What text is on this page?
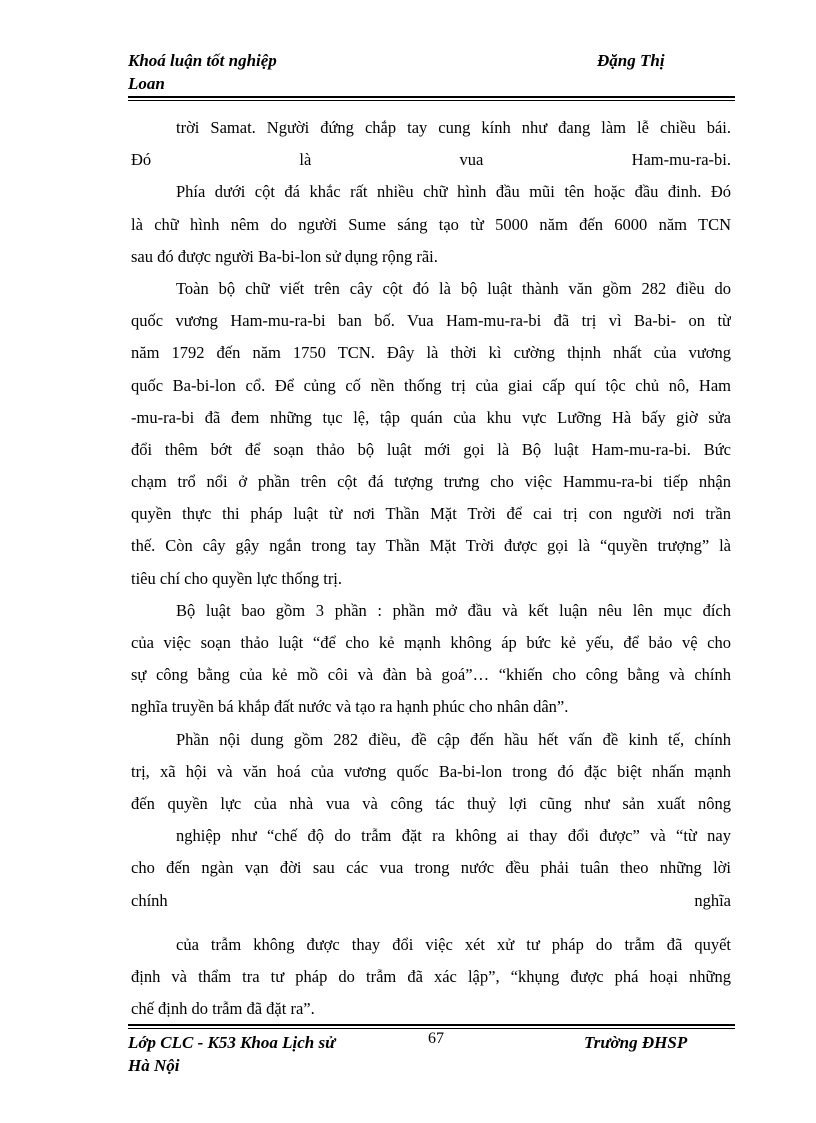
Khoá luận tốt nghiệp	Đặng Thị
Loan
trời Samat. Người đứng chắp tay cung kính như đang làm lễ chiều bái.
Đó là vua Ham-mu-ra-bi.
Phía dưới cột đá khắc rất nhiều chữ hình đầu mũi tên hoặc đầu đinh. Đó
là chữ hình nêm do người Sume sáng tạo từ 5000 năm đến 6000 năm TCN
sau đó được người Ba-bi-lon sử dụng rộng rãi.
Toàn bộ chữ viết trên cây cột đó là bộ luật thành văn gồm 282 điều do
quốc vương Ham-mu-ra-bi ban bố. Vua Ham-mu-ra-bi đã trị vì Ba-bi- on từ
năm 1792 đến năm 1750 TCN. Đây là thời kì cường thịnh nhất của vương
quốc Ba-bi-lon cổ. Để củng cố nền thống trị của giai cấp quí tộc chủ nô, Ham
-mu-ra-bi đã đem những tục lệ, tập quán của khu vực Lưỡng Hà bấy giờ sửa
đổi thêm bớt để soạn thảo bộ luật mới gọi là Bộ luật Ham-mu-ra-bi. Bức
chạm trổ nổi ở phần trên cột đá tượng trưng cho việc Hammu-ra-bi tiếp nhận
quyền thực thi pháp luật từ nơi Thần Mặt Trời để cai trị con người nơi trần
thế. Còn cây gậy ngắn trong tay Thần Mặt Trời được gọi là “quyền trượng” là
tiêu chí cho quyền lực thống trị.
Bộ luật bao gồm 3 phần : phần mở đầu và kết luận nêu lên mục đích
của việc soạn thảo luật “để cho kẻ mạnh không áp bức kẻ yếu, để bảo vệ cho
sự công bằng của kẻ mồ côi và đàn bà goá”… “khiến cho công bằng và chính
nghĩa truyền bá khắp đất nước và tạo ra hạnh phúc cho nhân dân”.
Phần nội dung gồm 282 điều, đề cập đến hầu hết vấn đề kinh tế, chính
trị, xã hội và văn hoá của vương quốc Ba-bi-lon trong đó đặc biệt nhấn mạnh
đến quyền lực của nhà vua và công tác thuỷ lợi cũng như sản xuất nông
nghiệp như “chế độ do trẫm đặt ra không ai thay đổi được” và “từ nay
cho đến ngàn vạn đời sau các vua trong nước đều phải tuân theo những lời
chính nghĩa
của trẫm không được thay đổi việc xét xử tư pháp do trẫm đã quyết
định và thẩm tra tư pháp do trẫm đã xác lập”, “khụng được phá hoại những
chế định do trẫm đã đặt ra”.
Lớp CLC - K53 Khoa Lịch sử	67	Trường ĐHSP
Hà Nội
